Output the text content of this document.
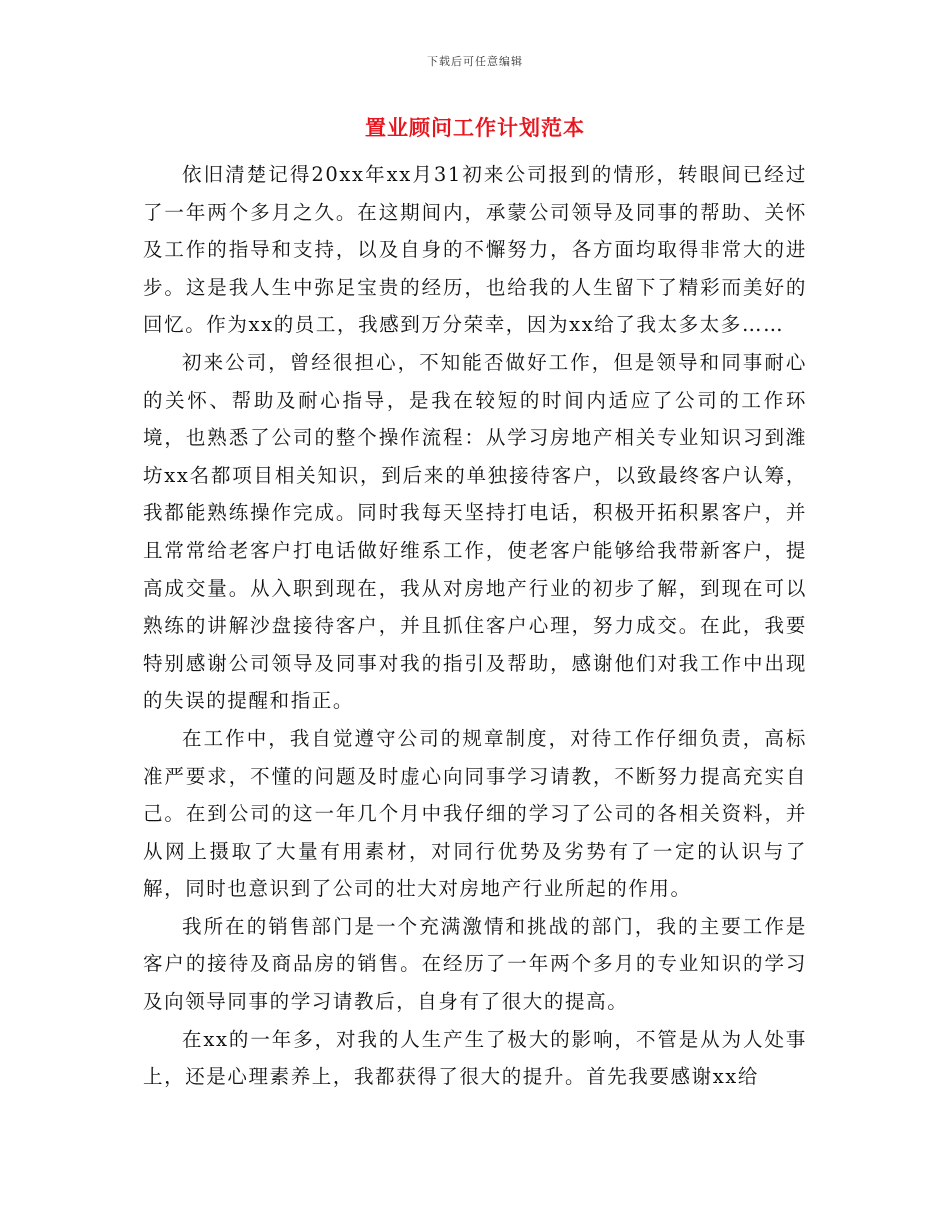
下载后可任意编辑
置业顾问工作计划范本

依旧清楚记得20xx年xx月31初来公司报到的情形，转眼间已经过了一年两个多月之久。在这期间内，承蒙公司领导及同事的帮助、关怀及工作的指导和支持，以及自身的不懈努力，各方面均取得非常大的进步。这是我人生中弥足宝贵的经历，也给我的人生留下了精彩而美好的回忆。作为xx的员工，我感到万分荣幸，因为xx给了我太多太多……

初来公司，曾经很担心，不知能否做好工作，但是领导和同事耐心的关怀、帮助及耐心指导，是我在较短的时间内适应了公司的工作环境，也熟悉了公司的整个操作流程：从学习房地产相关专业知识习到潍坊xx名都项目相关知识，到后来的单独接待客户，以致最终客户认筹，我都能熟练操作完成。同时我每天坚持打电话，积极开拓积累客户，并且常常给老客户打电话做好维系工作，使老客户能够给我带新客户，提高成交量。从入职到现在，我从对房地产行业的初步了解，到现在可以熟练的讲解沙盘接待客户，并且抓住客户心理，努力成交。在此，我要特别感谢公司领导及同事对我的指引及帮助，感谢他们对我工作中出现的失误的提醒和指正。

在工作中，我自觉遵守公司的规章制度，对待工作仔细负责，高标准严要求，不懂的问题及时虚心向同事学习请教，不断努力提高充实自己。在到公司的这一年几个月中我仔细的学习了公司的各相关资料，并从网上摄取了大量有用素材，对同行优势及劣势有了一定的认识与了解，同时也意识到了公司的壮大对房地产行业所起的作用。

我所在的销售部门是一个充满激情和挑战的部门，我的主要工作是客户的接待及商品房的销售。在经历了一年两个多月的专业知识的学习及向领导同事的学习请教后，自身有了很大的提高。

在xx的一年多，对我的人生产生了极大的影响，不管是从为人处事上，还是心理素养上，我都获得了很大的提升。首先我要感谢xx给
